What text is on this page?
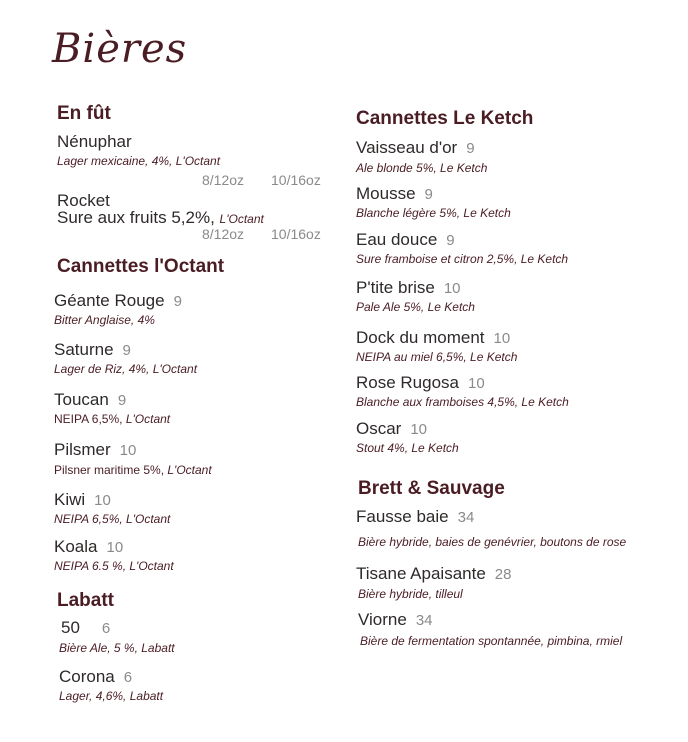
Bières
En fût
Nénuphar
Lager mexicaine, 4%, L'Octant
8/12oz 10/16oz
Rocket
Sure aux fruits 5,2%, L'Octant
8/12oz 10/16oz
Cannettes l'Octant
Géante Rouge 9
Bitter Anglaise, 4%
Saturne 9
Lager de Riz, 4%, L'Octant
Toucan 9
NEIPA 6,5%, L'Octant
Pilsmer 10
Pilsner maritime 5%, L'Octant
Kiwi 10
NEIPA 6,5%, L'Octant
Koala 10
NEIPA 6.5 %, L'Octant
Labatt
50 6
Bière Ale, 5 %, Labatt
Corona 6
Lager, 4,6%, Labatt
Cannettes Le Ketch
Vaisseau d'or 9
Ale blonde 5%, Le Ketch
Mousse 9
Blanche légère 5%, Le Ketch
Eau douce 9
Sure framboise et citron 2,5%, Le Ketch
P'tite brise 10
Pale Ale 5%, Le Ketch
Dock du moment 10
NEIPA au miel 6,5%, Le Ketch
Rose Rugosa 10
Blanche aux framboises 4,5%, Le Ketch
Oscar 10
Stout 4%, Le Ketch
Brett & Sauvage
Fausse baie 34
Bière hybride, baies de genévrier, boutons de rose
Tisane Apaisante 28
Bière hybride, tilleul
Viorne 34
Bière de fermentation spontannée, pimbina, rmiel
